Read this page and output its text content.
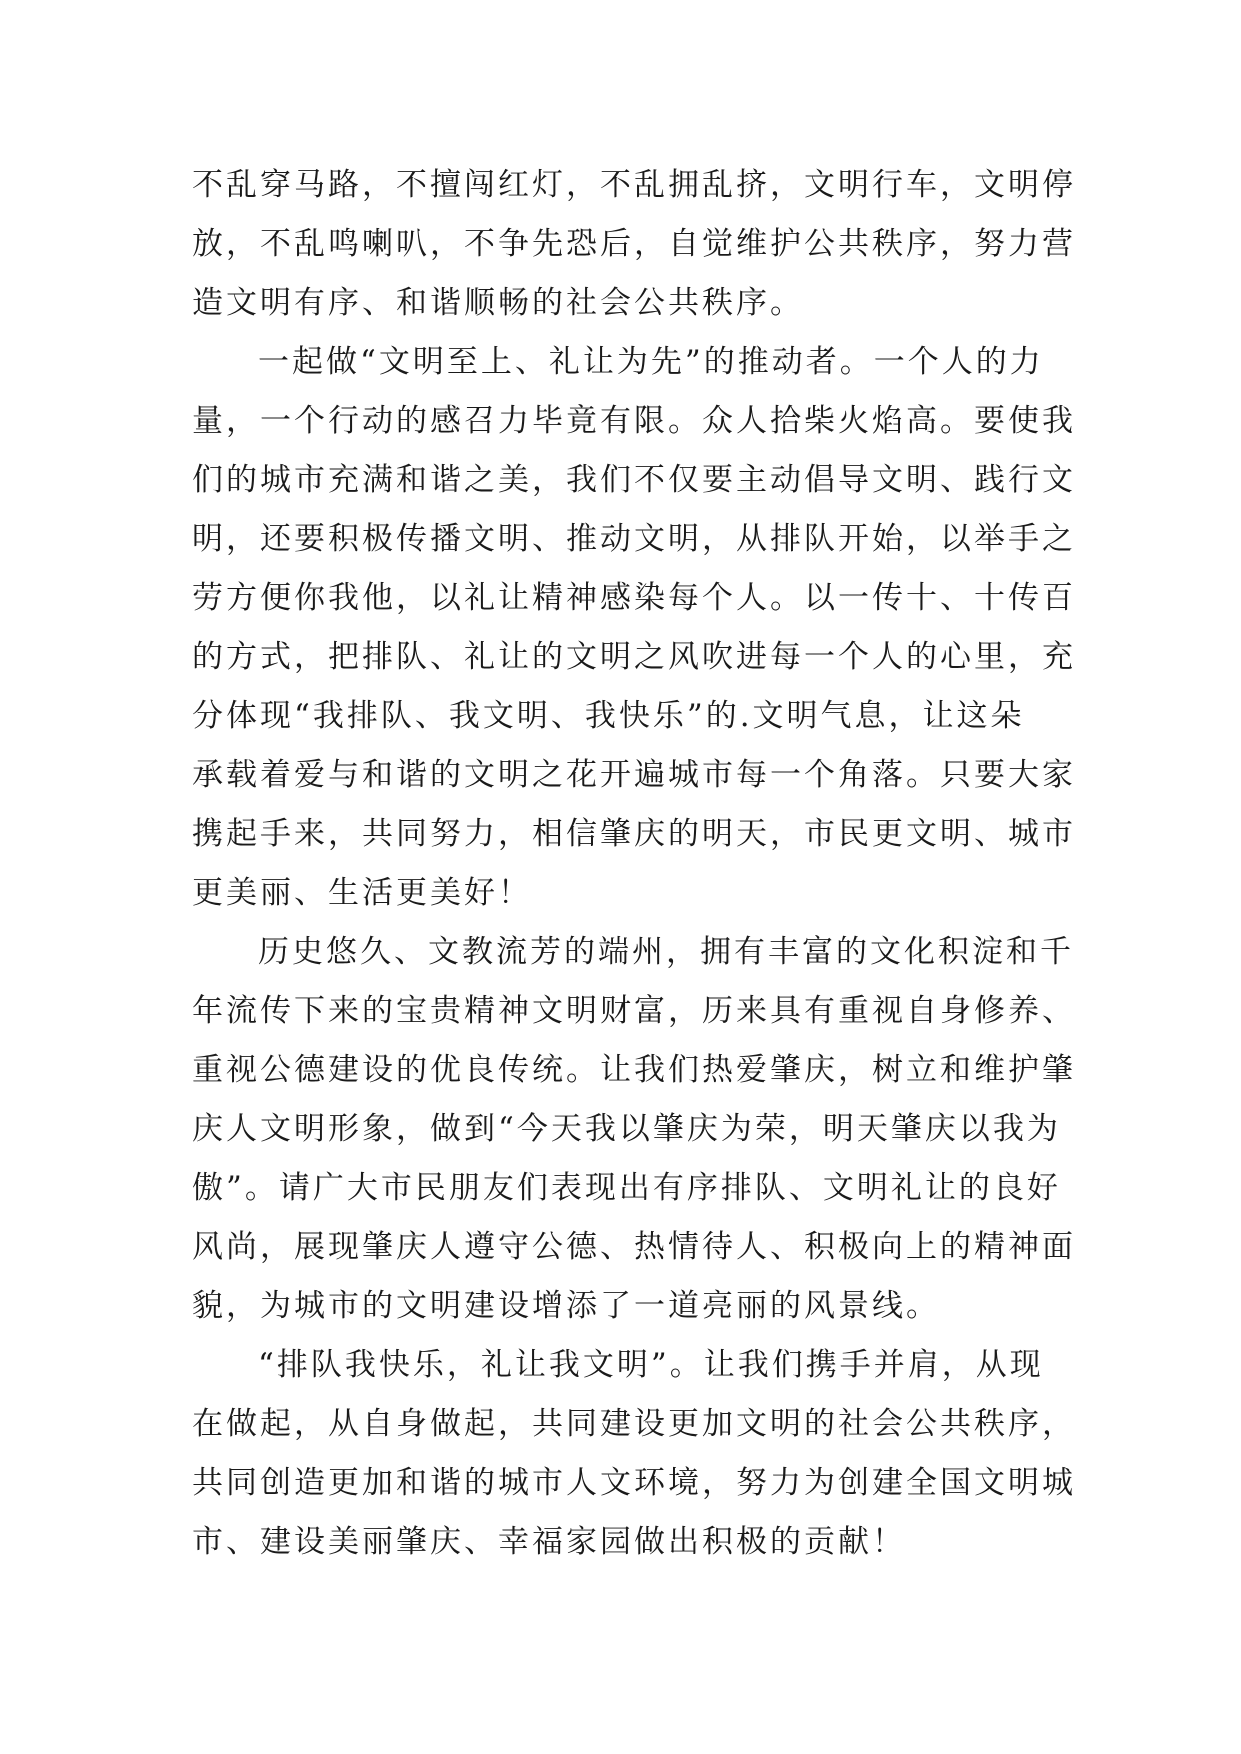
不乱穿马路，不擅闯红灯，不乱拥乱挤，文明行车，文明停
放，不乱鸣喇叭，不争先恐后，自觉维护公共秩序，努力营
造文明有序、和谐顺畅的社会公共秩序。
一起做“文明至上、礼让为先”的推动者。一个人的力
量，一个行动的感召力毕竟有限。众人拾柴火焰高。要使我
们的城市充满和谐之美，我们不仅要主动倡导文明、践行文
明，还要积极传播文明、推动文明，从排队开始，以举手之
劳方便你我他，以礼让精神感染每个人。以一传十、十传百
的方式，把排队、礼让的文明之风吹进每一个人的心里，充
分体现“我排队、我文明、我快乐”的.文明气息，让这朵
承载着爱与和谐的文明之花开遍城市每一个角落。只要大家
携起手来，共同努力，相信肇庆的明天，市民更文明、城市
更美丽、生活更美好！
历史悠久、文教流芳的端州，拥有丰富的文化积淀和千
年流传下来的宝贵精神文明财富，历来具有重视自身修养、
重视公德建设的优良传统。让我们热爱肇庆，树立和维护肇
庆人文明形象，做到“今天我以肇庆为荣，明天肇庆以我为
傲”。请广大市民朋友们表现出有序排队、文明礼让的良好
风尚，展现肇庆人遵守公德、热情待人、积极向上的精神面
貌，为城市的文明建设增添了一道亮丽的风景线。
“排队我快乐，礼让我文明”。让我们携手并肩，从现
在做起，从自身做起，共同建设更加文明的社会公共秩序，
共同创造更加和谐的城市人文环境，努力为创建全国文明城
市、建设美丽肇庆、幸福家园做出积极的贡献！
